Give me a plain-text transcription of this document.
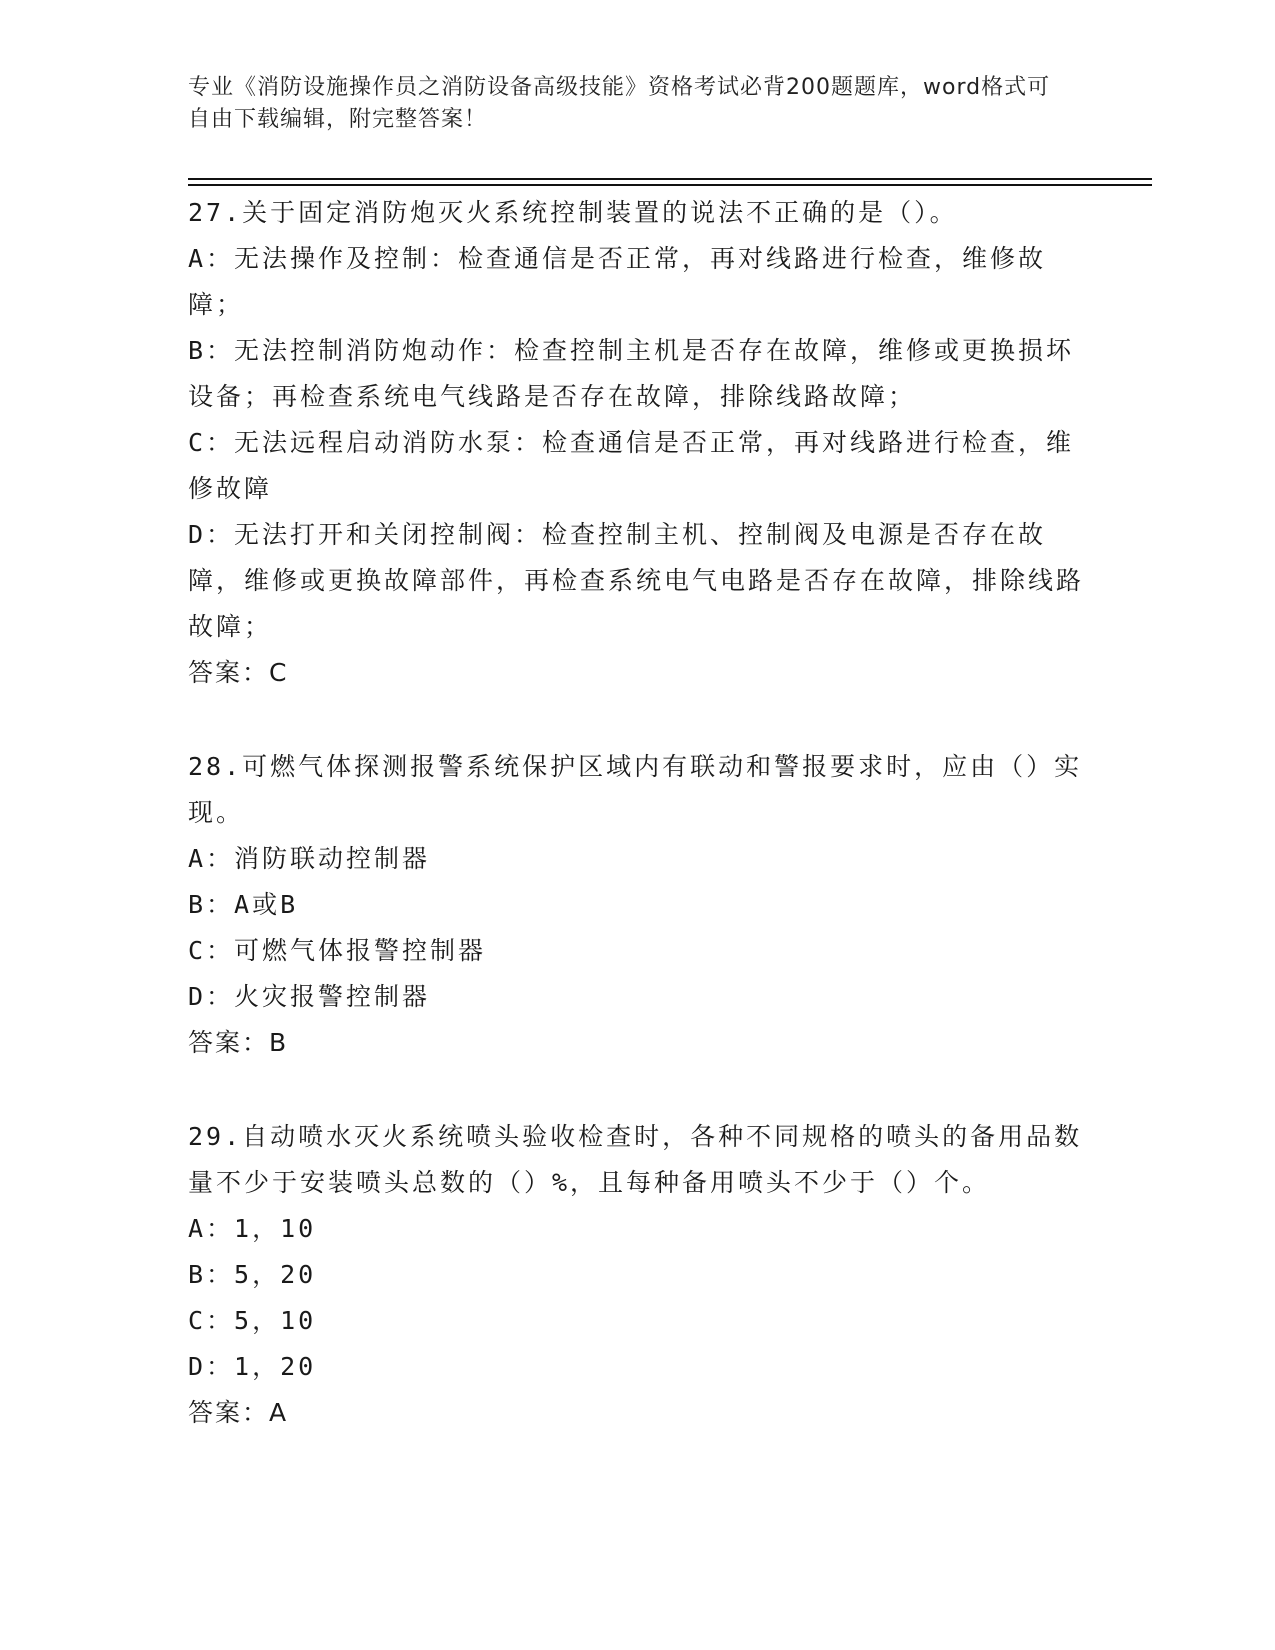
专业《消防设施操作员之消防设备高级技能》资格考试必背200题题库，word格式可自由下载编辑，附完整答案！

27.关于固定消防炮灭火系统控制装置的说法不正确的是（）。

A：无法操作及控制：检查通信是否正常，再对线路进行检查，维修故障；

B：无法控制消防炮动作：检查控制主机是否存在故障，维修或更换损坏设备；再检查系统电气线路是否存在故障，排除线路故障；

C：无法远程启动消防水泵：检查通信是否正常，再对线路进行检查，维修故障

D：无法打开和关闭控制阀：检查控制主机、控制阀及电源是否存在故障，维修或更换故障部件，再检查系统电气电路是否存在故障，排除线路故障；

答案：C

28.可燃气体探测报警系统保护区域内有联动和警报要求时，应由（）实现。

A：消防联动控制器

B：A或B

C：可燃气体报警控制器

D：火灾报警控制器

答案：B

29.自动喷水灭火系统喷头验收检查时，各种不同规格的喷头的备用品数量不少于安装喷头总数的（）%，且每种备用喷头不少于（）个。

A：1，10

B：5，20

C：5，10

D：1，20

答案：A
